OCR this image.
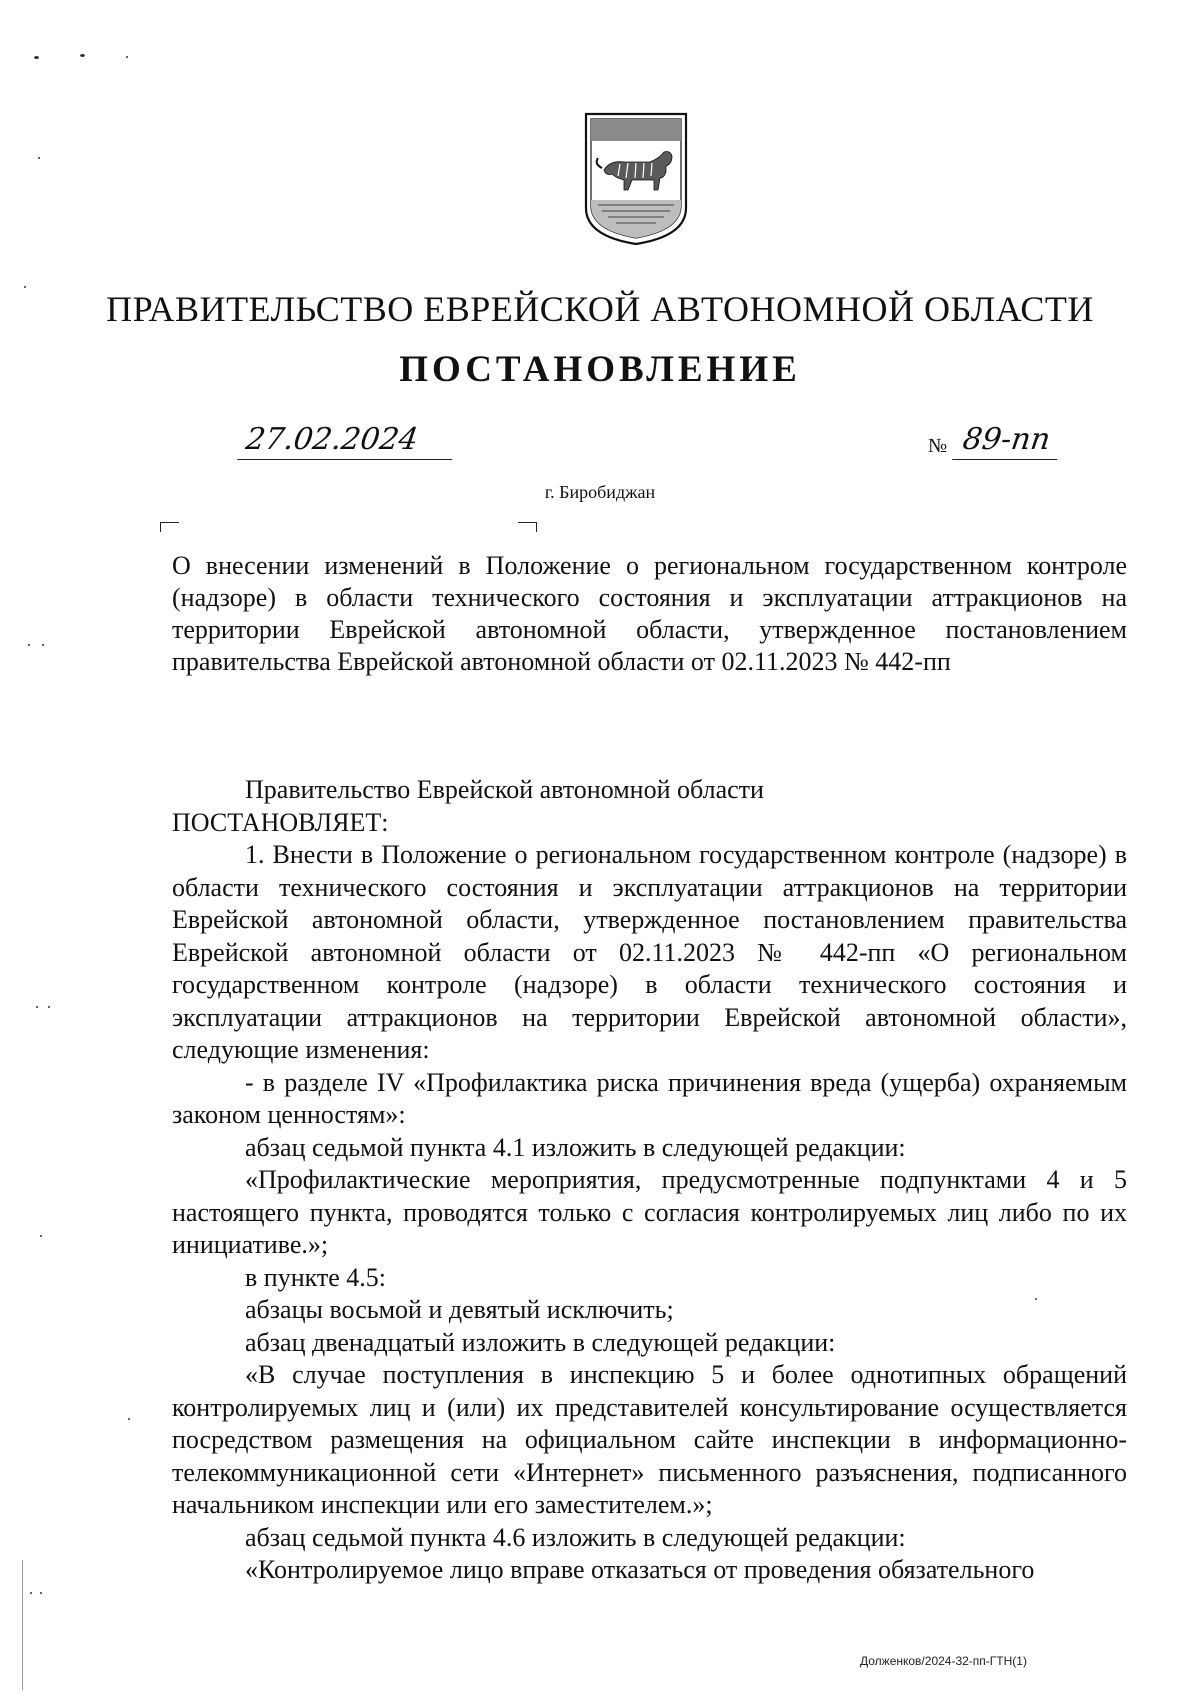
ПРАВИТЕЛЬСТВО ЕВРЕЙСКОЙ АВТОНОМНОЙ ОБЛАСТИ
ПОСТАНОВЛЕНИЕ
27.02.2024	№ 89-пп
г. Биробиджан
О внесении изменений в Положение о региональном государственном контроле (надзоре) в области технического состояния и эксплуатации аттракционов на территории Еврейской автономной области, утвержденное постановлением правительства Еврейской автономной области от 02.11.2023 № 442-пп

Правительство Еврейской автономной области

ПОСТАНОВЛЯЕТ:

1. Внести в Положение о региональном государственном контроле (надзоре) в области технического состояния и эксплуатации аттракционов на территории Еврейской автономной области, утвержденное постановлением правительства Еврейской автономной области от 02.11.2023 № 442-пп «О региональном государственном контроле (надзоре) в области технического состояния и эксплуатации аттракционов на территории Еврейской автономной области», следующие изменения:

- в разделе IV «Профилактика риска причинения вреда (ущерба) охраняемым законом ценностям»:

абзац седьмой пункта 4.1 изложить в следующей редакции:

«Профилактические мероприятия, предусмотренные подпунктами 4 и 5 настоящего пункта, проводятся только с согласия контролируемых лиц либо по их инициативе.»;

в пункте 4.5:

абзацы восьмой и девятый исключить;

абзац двенадцатый изложить в следующей редакции:

«В случае поступления в инспекцию 5 и более однотипных обращений контролируемых лиц и (или) их представителей консультирование осуществляется посредством размещения на официальном сайте инспекции в информационно-телекоммуникационной сети «Интернет» письменного разъяснения, подписанного начальником инспекции или его заместителем.»;

абзац седьмой пункта 4.6 изложить в следующей редакции:

«Контролируемое лицо вправе отказаться от проведения обязательного

Долженков/2024-32-пп-ГТН(1)
